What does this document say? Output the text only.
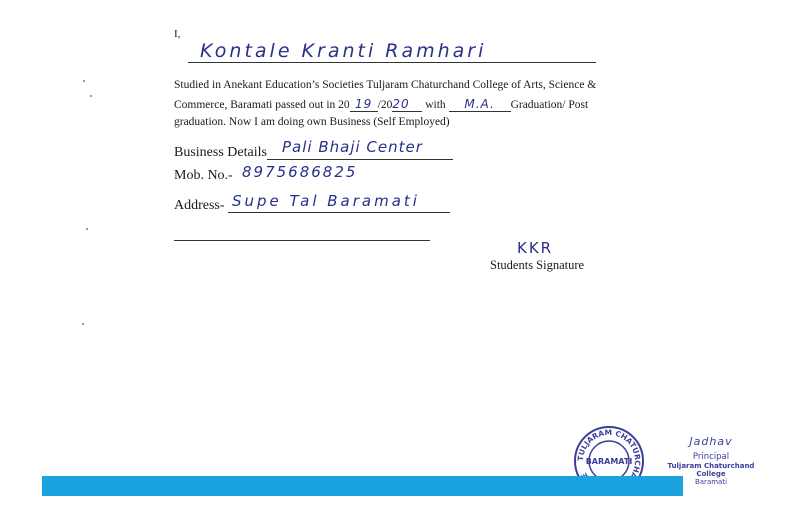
I,
Kontale Kranti Ramhari
Studied in Anekant Education’s Societies Tuljaram Chaturchand College of Arts, Science &
Commerce, Baramati passed out in 20 19 /2020 with M.A. Graduation/ Post
graduation. Now I am doing own Business (Self Employed)
Business Details Pali Bhaji Center
Mob. No.- 8975686825
Address- Supe Tal Baramati
KKR
Students Signature
TULJARAM CHATURCH
BARAMATI
Jadhav
Principal
Tuljaram Chaturchand College
Baramati
